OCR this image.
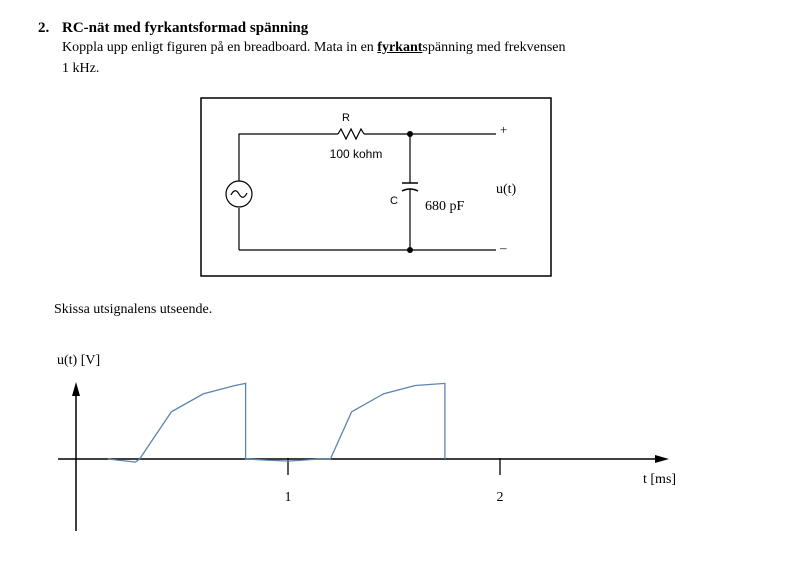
2. RC-nät med fyrkantsformad spänning
Koppla upp enligt figuren på en breadboard. Mata in en fyrkantspänning med frekvensen
1 kHz.
R
100 kohm
C 680 pF
u(t)
+
–
Skissa utsignalens utseende.
u(t) [V]
t [ms]
1	2
